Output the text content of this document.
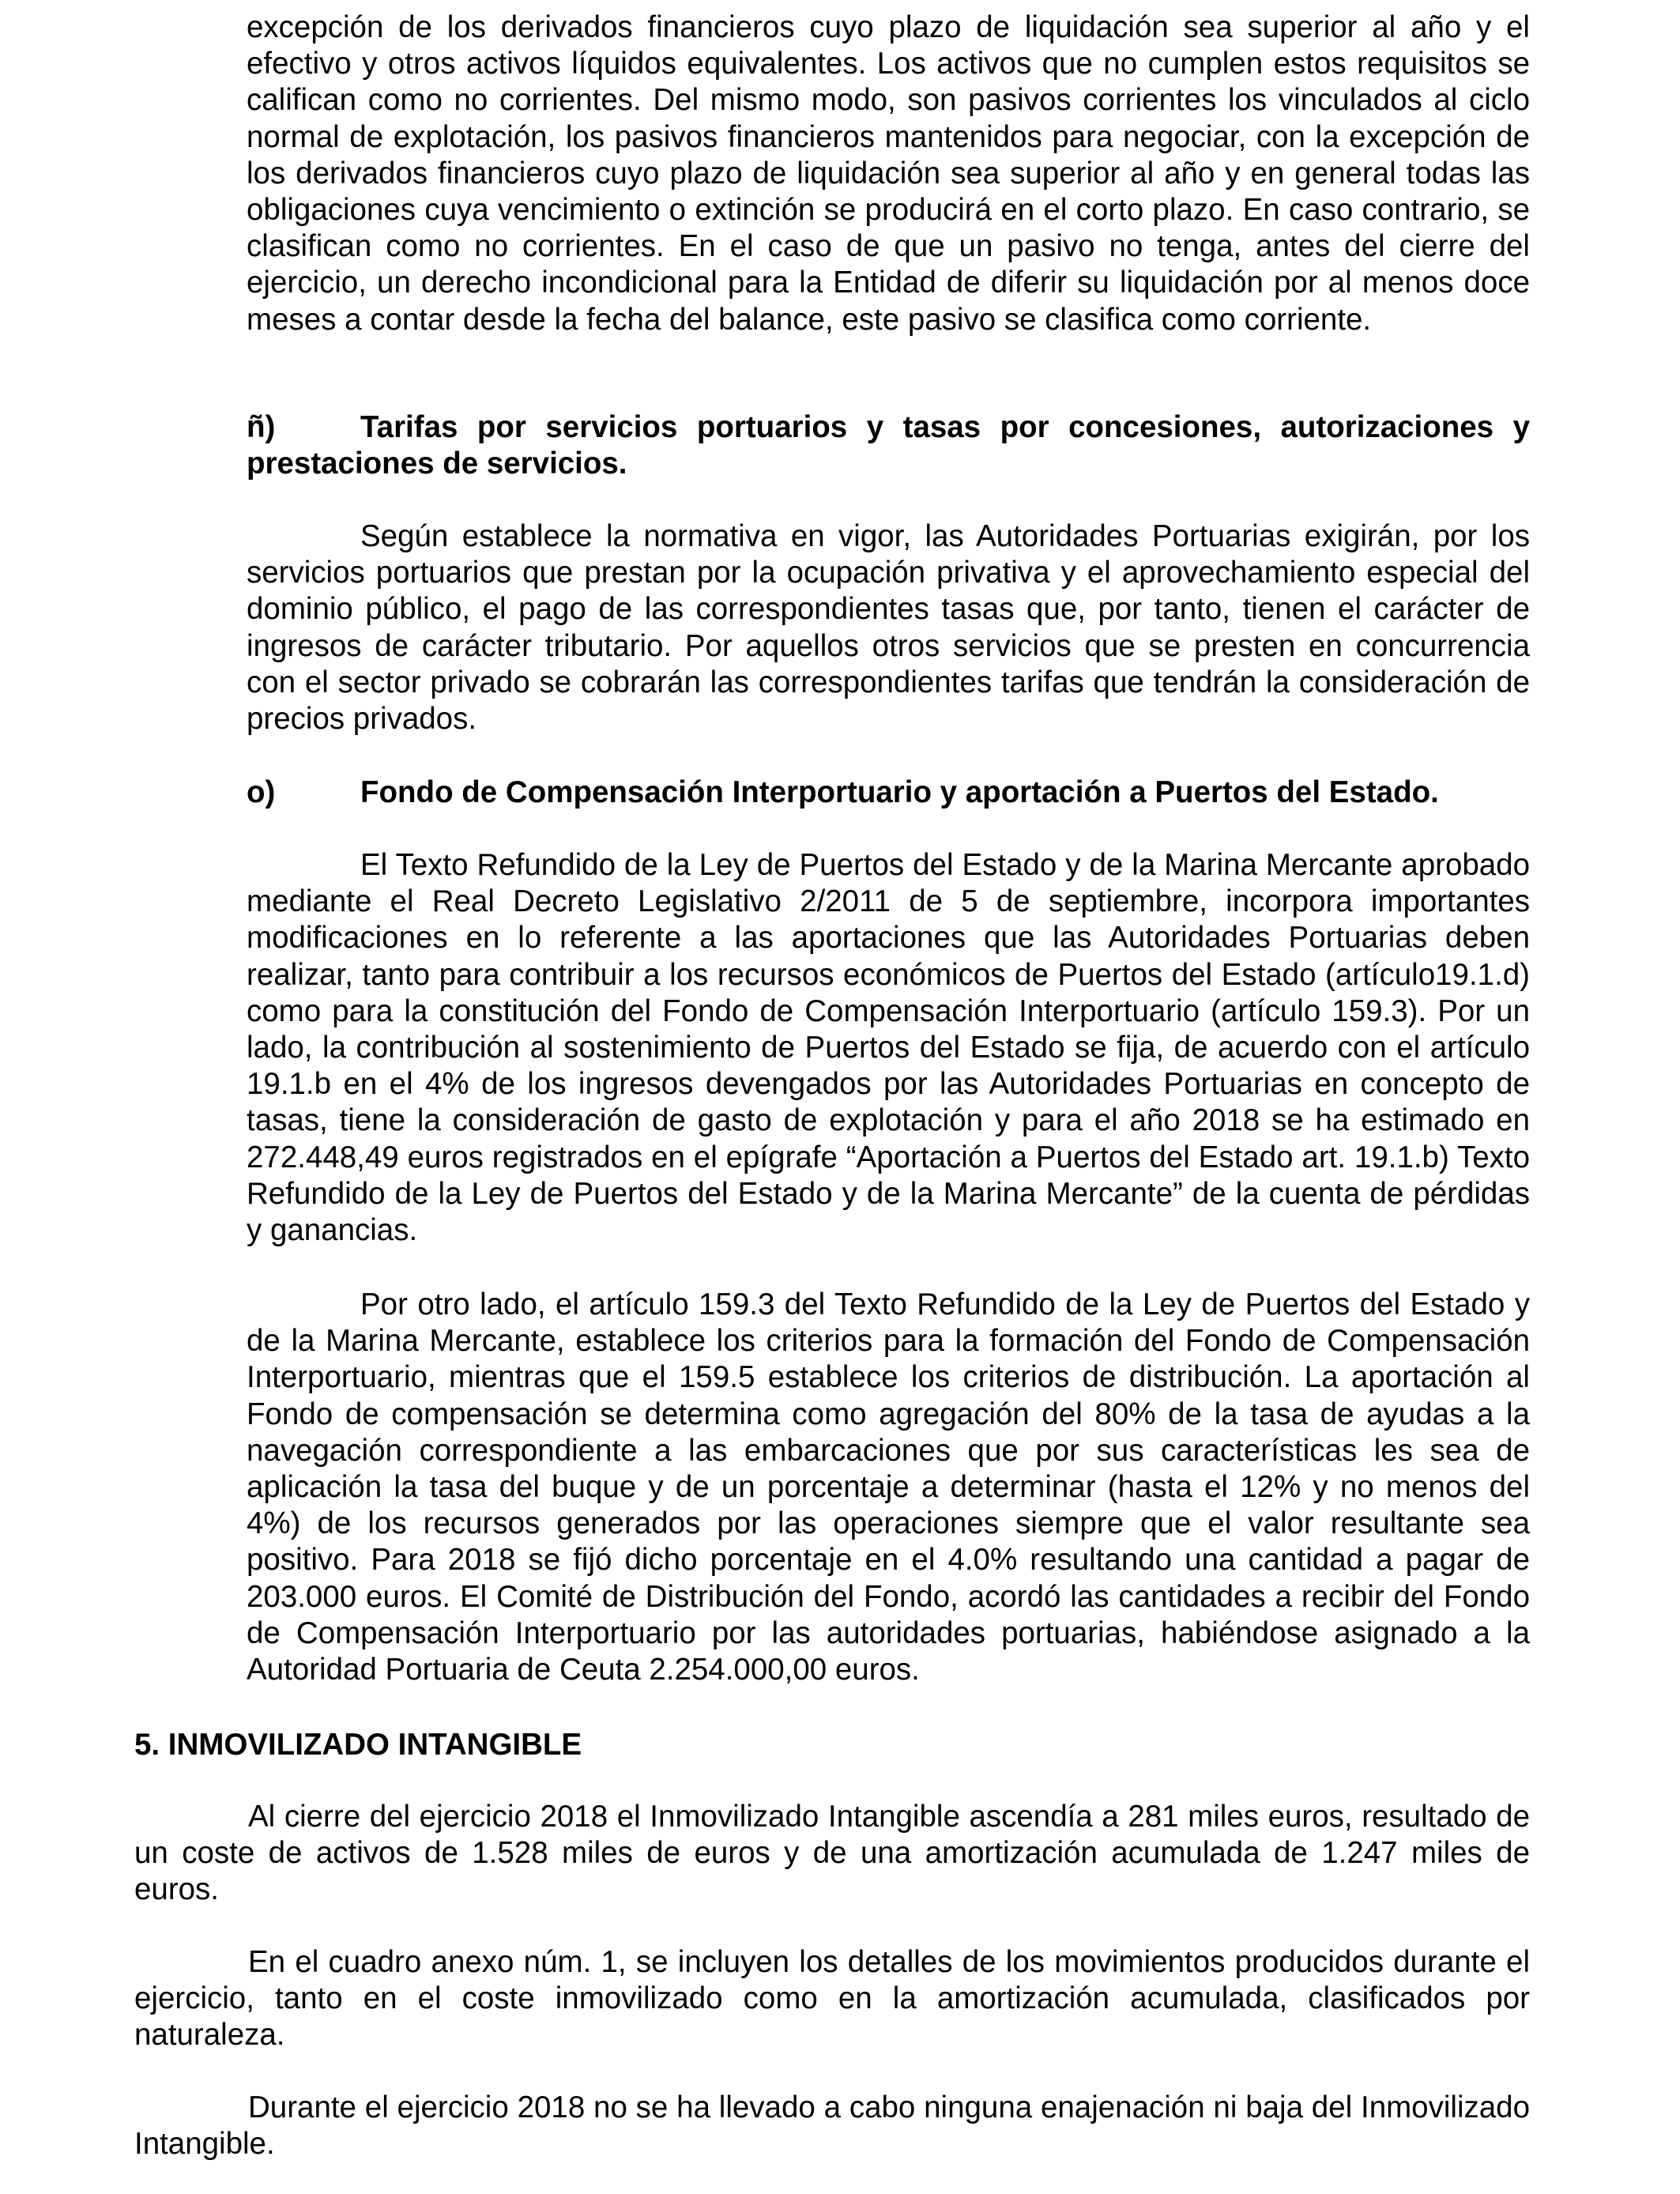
excepción de los derivados financieros cuyo plazo de liquidación sea superior al año y el efectivo y otros activos líquidos equivalentes. Los activos que no cumplen estos requisitos se califican como no corrientes. Del mismo modo, son pasivos corrientes los vinculados al ciclo normal de explotación, los pasivos financieros mantenidos para negociar, con la excepción de los derivados financieros cuyo plazo de liquidación sea superior al año y en general todas las obligaciones cuya vencimiento o extinción se producirá en el corto plazo. En caso contrario, se clasifican como no corrientes. En el caso de que un pasivo no tenga, antes del cierre del ejercicio, un derecho incondicional para la Entidad de diferir su liquidación por al menos doce meses a contar desde la fecha del balance, este pasivo se clasifica como corriente.

ñ)	Tarifas por servicios portuarios y tasas por concesiones, autorizaciones y prestaciones de servicios.

Según establece la normativa en vigor, las Autoridades Portuarias exigirán, por los servicios portuarios que prestan por la ocupación privativa y el aprovechamiento especial del dominio público, el pago de las correspondientes tasas que, por tanto, tienen el carácter de ingresos de carácter tributario. Por aquellos otros servicios que se presten en concurrencia con el sector privado se cobrarán las correspondientes tarifas que tendrán la consideración de precios privados.

o)	Fondo de Compensación Interportuario y aportación a Puertos del Estado.

El Texto Refundido de la Ley de Puertos del Estado y de la Marina Mercante aprobado mediante el Real Decreto Legislativo 2/2011 de 5 de septiembre, incorpora importantes modificaciones en lo referente a las aportaciones que las Autoridades Portuarias deben realizar, tanto para contribuir a los recursos económicos de Puertos del Estado (artículo19.1.d) como para la constitución del Fondo de Compensación Interportuario (artículo 159.3). Por un lado, la contribución al sostenimiento de Puertos del Estado se fija, de acuerdo con el artículo 19.1.b en el 4% de los ingresos devengados por las Autoridades Portuarias en concepto de tasas, tiene la consideración de gasto de explotación y para el año 2018 se ha estimado en 272.448,49 euros registrados en el epígrafe “Aportación a Puertos del Estado art. 19.1.b) Texto Refundido de la Ley de Puertos del Estado y de la Marina Mercante” de la cuenta de pérdidas y ganancias.

Por otro lado, el artículo 159.3 del Texto Refundido de la Ley de Puertos del Estado y de la Marina Mercante, establece los criterios para la formación del Fondo de Compensación Interportuario, mientras que el 159.5 establece los criterios de distribución. La aportación al Fondo de compensación se determina como agregación del 80% de la tasa de ayudas a la navegación correspondiente a las embarcaciones que por sus características les sea de aplicación la tasa del buque y de un porcentaje a determinar (hasta el 12% y no menos del 4%) de los recursos generados por las operaciones siempre que el valor resultante sea positivo. Para 2018 se fijó dicho porcentaje en el 4.0% resultando una cantidad a pagar de 203.000 euros. El Comité de Distribución del Fondo, acordó las cantidades a recibir del Fondo de Compensación Interportuario por las autoridades portuarias, habiéndose asignado a la Autoridad Portuaria de Ceuta 2.254.000,00 euros.

5. INMOVILIZADO INTANGIBLE

Al cierre del ejercicio 2018 el Inmovilizado Intangible ascendía a 281 miles euros, resultado de un coste de activos de 1.528 miles de euros y de una amortización acumulada de 1.247 miles de euros.

En el cuadro anexo núm. 1, se incluyen los detalles de los movimientos producidos durante el ejercicio, tanto en el coste inmovilizado como en la amortización acumulada, clasificados por naturaleza.

Durante el ejercicio 2018 no se ha llevado a cabo ninguna enajenación ni baja del Inmovilizado Intangible.
